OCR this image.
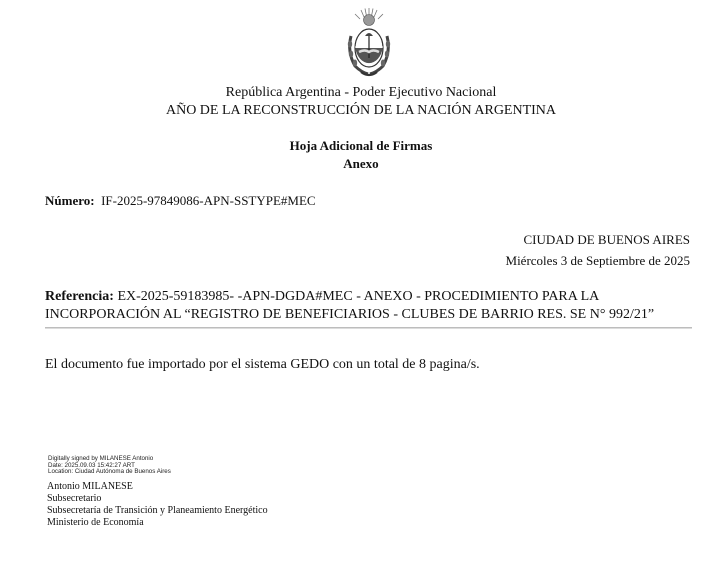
República Argentina - Poder Ejecutivo Nacional
AÑO DE LA RECONSTRUCCIÓN DE LA NACIÓN ARGENTINA
Hoja Adicional de Firmas
Anexo
Número: IF-2025-97849086-APN-SSTYPE#MEC
CIUDAD DE BUENOS AIRES
Miércoles 3 de Septiembre de 2025
Referencia: EX-2025-59183985- -APN-DGDA#MEC - ANEXO - PROCEDIMIENTO PARA LA
INCORPORACIÓN AL “REGISTRO DE BENEFICIARIOS - CLUBES DE BARRIO RES. SE N° 992/21”
El documento fue importado por el sistema GEDO con un total de 8 pagina/s.
Digitally signed by MILANESE Antonio
Date: 2025.09.03 15:42:27 ART
Location: Ciudad Autónoma de Buenos Aires
Antonio MILANESE
Subsecretario
Subsecretaría de Transición y Planeamiento Energético
Ministerio de Economía
